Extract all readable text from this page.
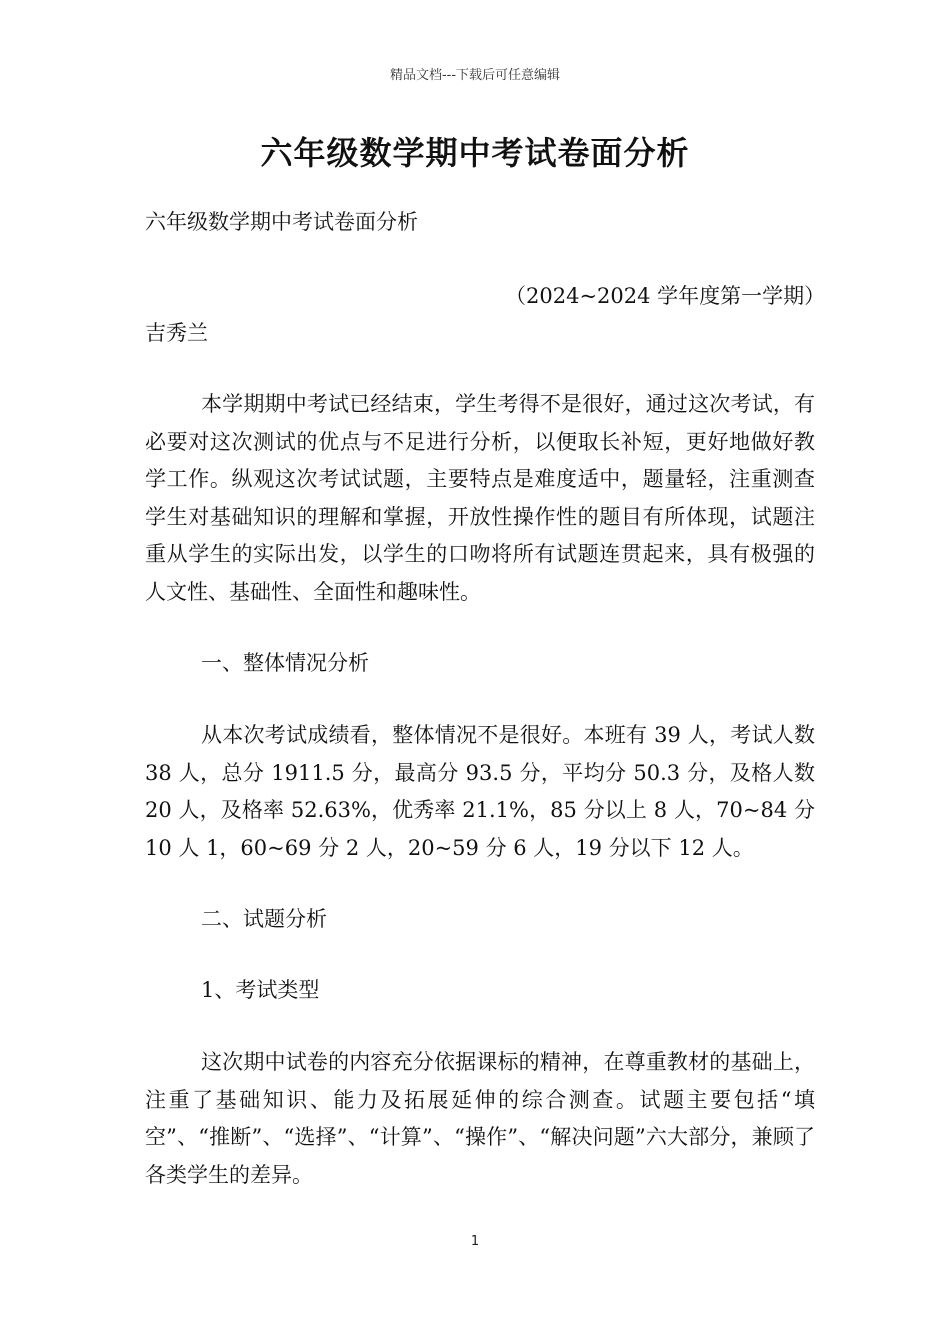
精品文档---下载后可任意编辑
六年级数学期中考试卷面分析
六年级数学期中考试卷面分析
（2024~2024 学年度第一学期）
吉秀兰

本学期期中考试已经结束，学生考得不是很好，通过这次考试，有必要对这次测试的优点与不足进行分析，以便取长补短，更好地做好教学工作。纵观这次考试试题，主要特点是难度适中，题量轻，注重测查学生对基础知识的理解和掌握，开放性操作性的题目有所体现，试题注重从学生的实际出发，以学生的口吻将所有试题连贯起来，具有极强的人文性、基础性、全面性和趣味性。

一、整体情况分析

从本次考试成绩看，整体情况不是很好。本班有 39 人，考试人数 38 人，总分 1911.5 分，最高分 93.5 分，平均分 50.3 分，及格人数 20 人，及格率 52.63%，优秀率 21.1%，85 分以上 8 人，70~84 分 10 人 1，60~69 分 2 人，20~59 分 6 人，19 分以下 12 人。

二、试题分析
1、考试类型

这次期中试卷的内容充分依据课标的精神，在尊重教材的基础上，注重了基础知识、能力及拓展延伸的综合测查。试题主要包括“填空”、“推断”、“选择”、“计算”、“操作”、“解决问题”六大部分，兼顾了各类学生的差异。

1
